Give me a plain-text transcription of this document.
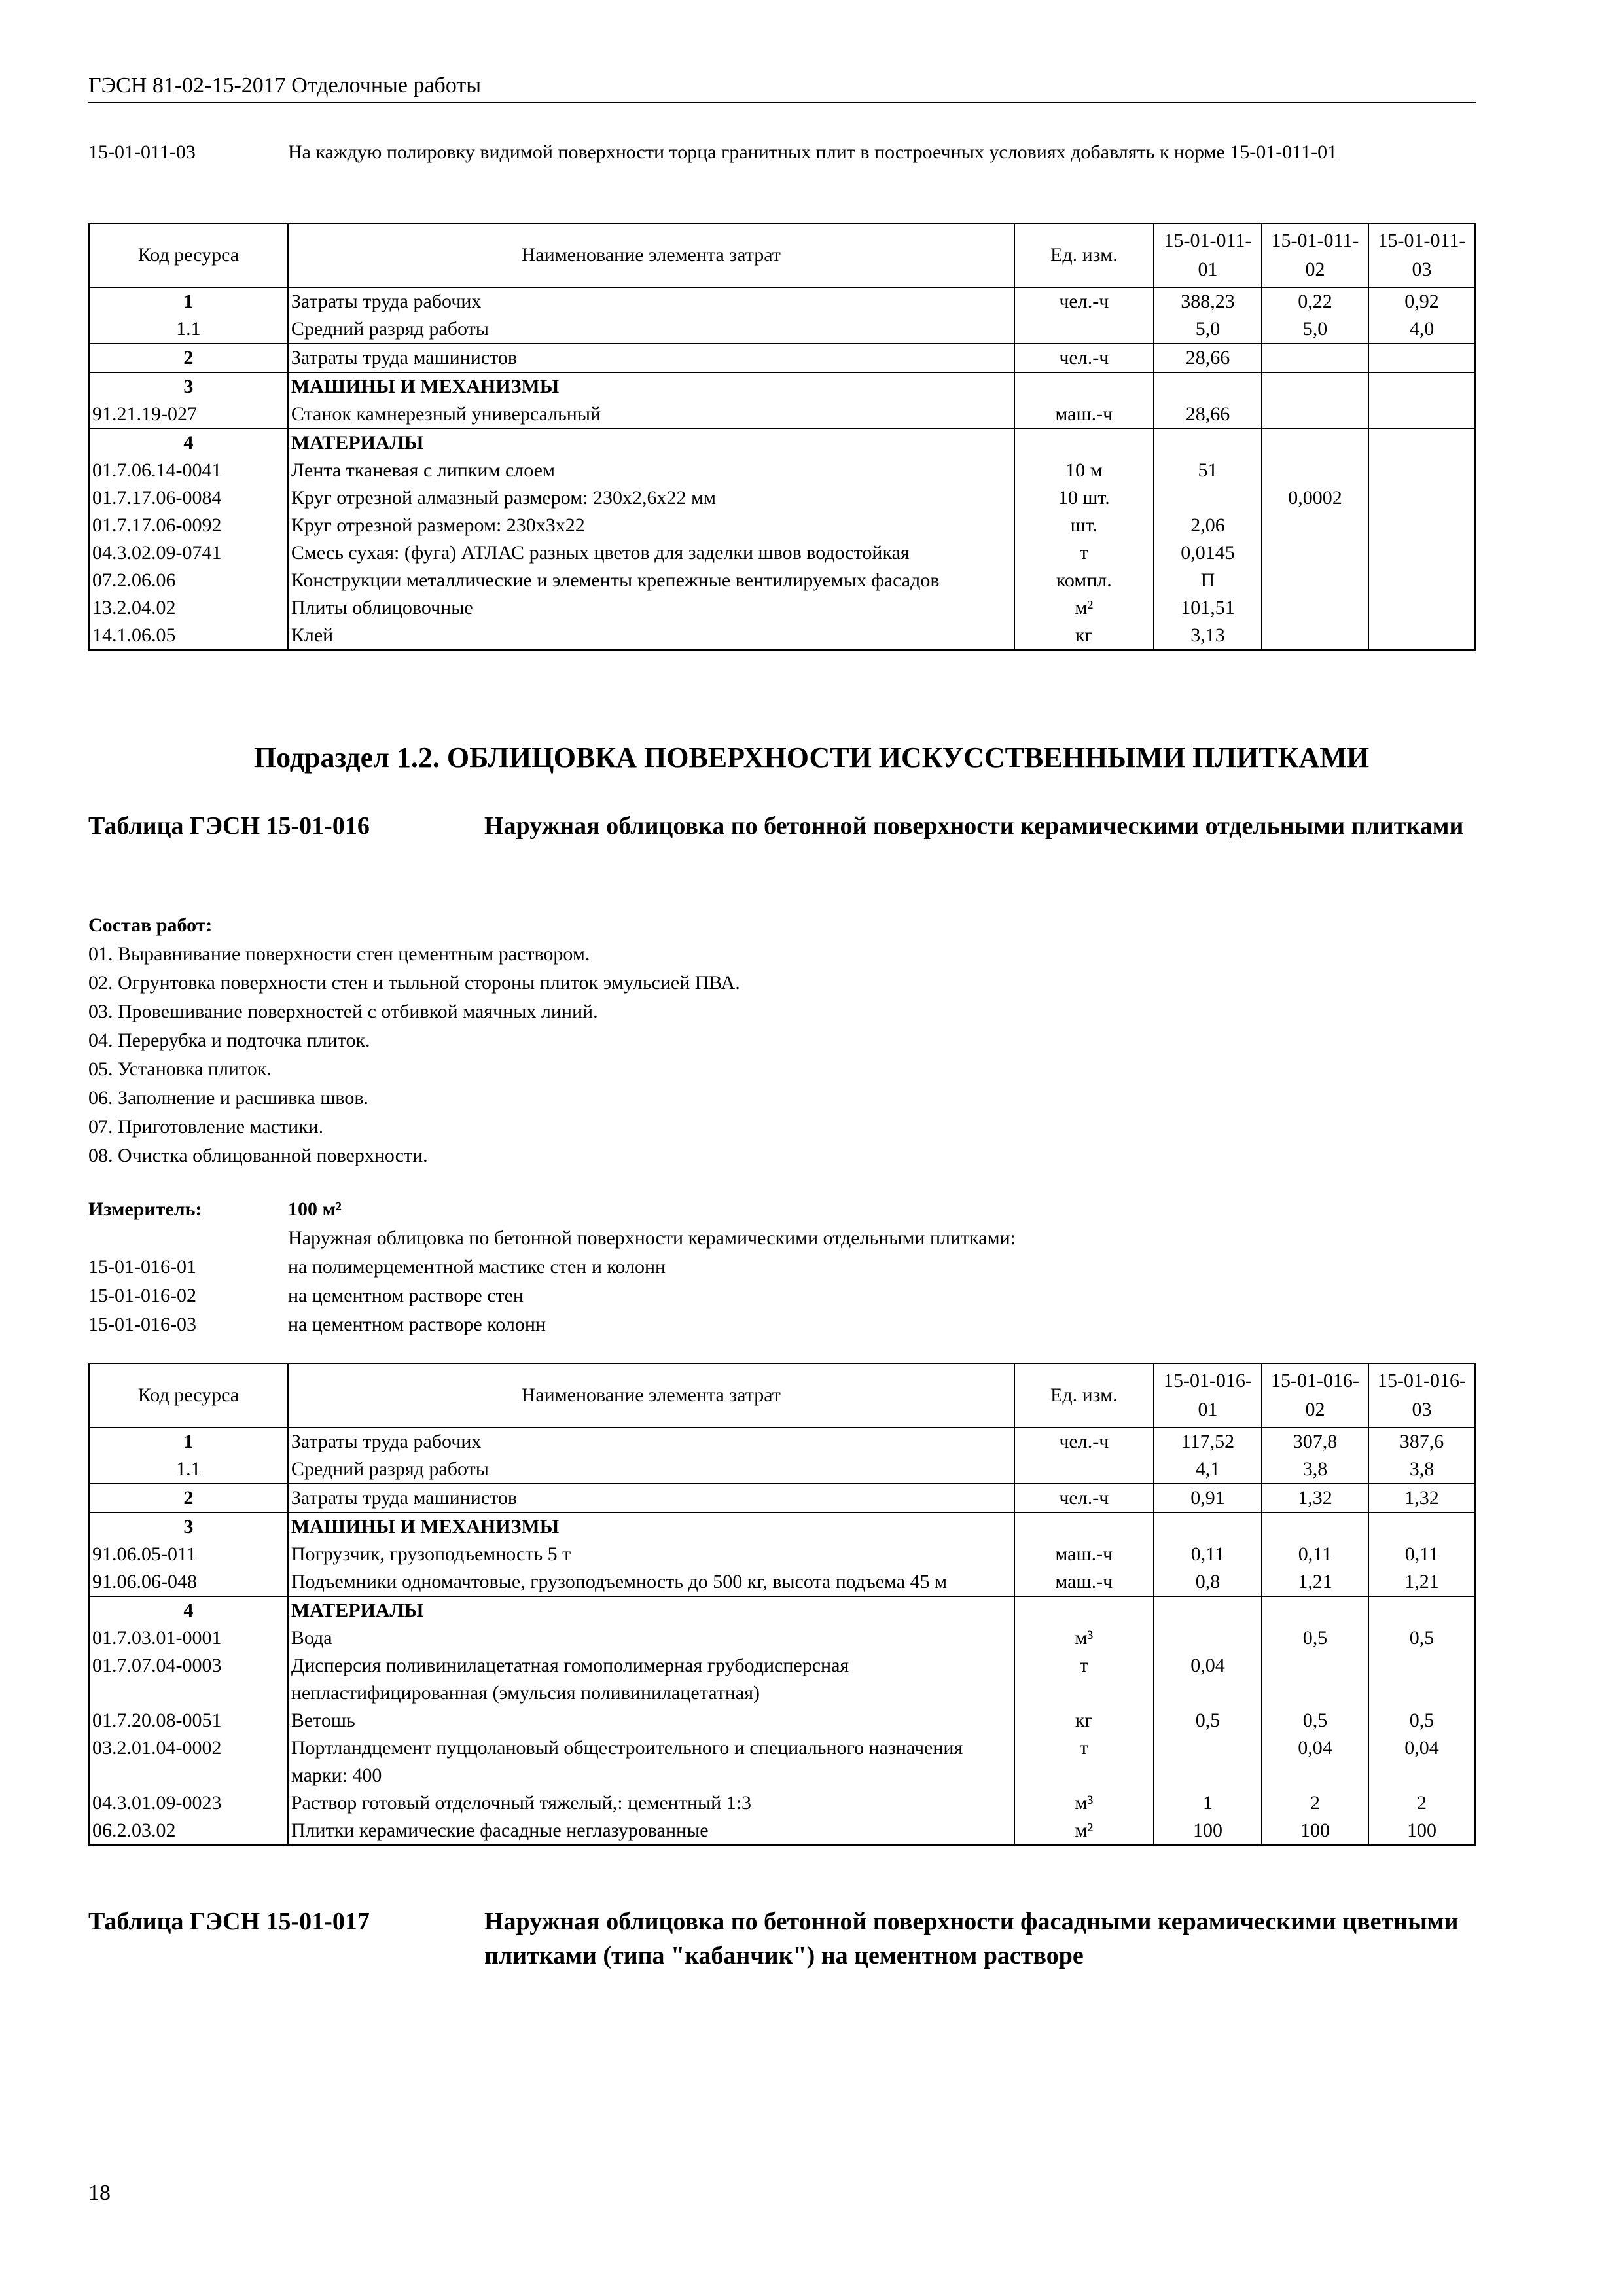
ГЭСН 81-02-15-2017 Отделочные работы
15-01-011-03	На каждую полировку видимой поверхности торца гранитных плит в построечных условиях добавлять к норме 15-01-011-01
Код ресурса	Наименование элемента затрат	Ед. изм.	15-01-011-01	15-01-011-02	15-01-011-03
1	Затраты труда рабочих	чел.-ч	388,23	0,22	0,92
1.1	Средний разряд работы		5,0	5,0	4,0
2	Затраты труда машинистов	чел.-ч	28,66		
3	МАШИНЫ И МЕХАНИЗМЫ				
91.21.19-027	Станок камнерезный универсальный	маш.-ч	28,66		
4	МАТЕРИАЛЫ				
01.7.06.14-0041	Лента тканевая с липким слоем	10 м	51		
01.7.17.06-0084	Круг отрезной алмазный размером: 230x2,6x22 мм	10 шт.		0,0002	
01.7.17.06-0092	Круг отрезной размером: 230x3x22	шт.	2,06		
04.3.02.09-0741	Смесь сухая: (фуга) АТЛАС разных цветов для заделки швов водостойкая	т	0,0145		
07.2.06.06	Конструкции металлические и элементы крепежные вентилируемых фасадов	компл.	П		
13.2.04.02	Плиты облицовочные	м²	101,51		
14.1.06.05	Клей	кг	3,13		
Подраздел 1.2. ОБЛИЦОВКА ПОВЕРХНОСТИ ИСКУССТВЕННЫМИ ПЛИТКАМИ
Таблица ГЭСН 15-01-016	Наружная облицовка по бетонной поверхности керамическими отдельными плитками
Состав работ:
01. Выравнивание поверхности стен цементным раствором.
02. Огрунтовка поверхности стен и тыльной стороны плиток эмульсией ПВА.
03. Провешивание поверхностей с отбивкой маячных линий.
04. Перерубка и подточка плиток.
05. Установка плиток.
06. Заполнение и расшивка швов.
07. Приготовление мастики.
08. Очистка облицованной поверхности.
Измеритель:	100 м²
Наружная облицовка по бетонной поверхности керамическими отдельными плитками:
15-01-016-01	на полимерцементной мастике стен и колонн
15-01-016-02	на цементном растворе стен
15-01-016-03	на цементном растворе колонн
Код ресурса	Наименование элемента затрат	Ед. изм.	15-01-016-01	15-01-016-02	15-01-016-03
1	Затраты труда рабочих	чел.-ч	117,52	307,8	387,6
1.1	Средний разряд работы		4,1	3,8	3,8
2	Затраты труда машинистов	чел.-ч	0,91	1,32	1,32
3	МАШИНЫ И МЕХАНИЗМЫ				
91.06.05-011	Погрузчик, грузоподъемность 5 т	маш.-ч	0,11	0,11	0,11
91.06.06-048	Подъемники одномачтовые, грузоподъемность до 500 кг, высота подъема 45 м	маш.-ч	0,8	1,21	1,21
4	МАТЕРИАЛЫ				
01.7.03.01-0001	Вода	м³		0,5	0,5
01.7.07.04-0003	Дисперсия поливинилацетатная гомополимерная грубодисперсная непластифицированная (эмульсия поливинилацетатная)	т	0,04		
01.7.20.08-0051	Ветошь	кг	0,5	0,5	0,5
03.2.01.04-0002	Портландцемент пуццолановый общестроительного и специального назначения марки: 400	т		0,04	0,04
04.3.01.09-0023	Раствор готовый отделочный тяжелый,: цементный 1:3	м³	1	2	2
06.2.03.02	Плитки керамические фасадные неглазурованные	м²	100	100	100
Таблица ГЭСН 15-01-017	Наружная облицовка по бетонной поверхности фасадными керамическими цветными плитками (типа "кабанчик") на цементном растворе
18
